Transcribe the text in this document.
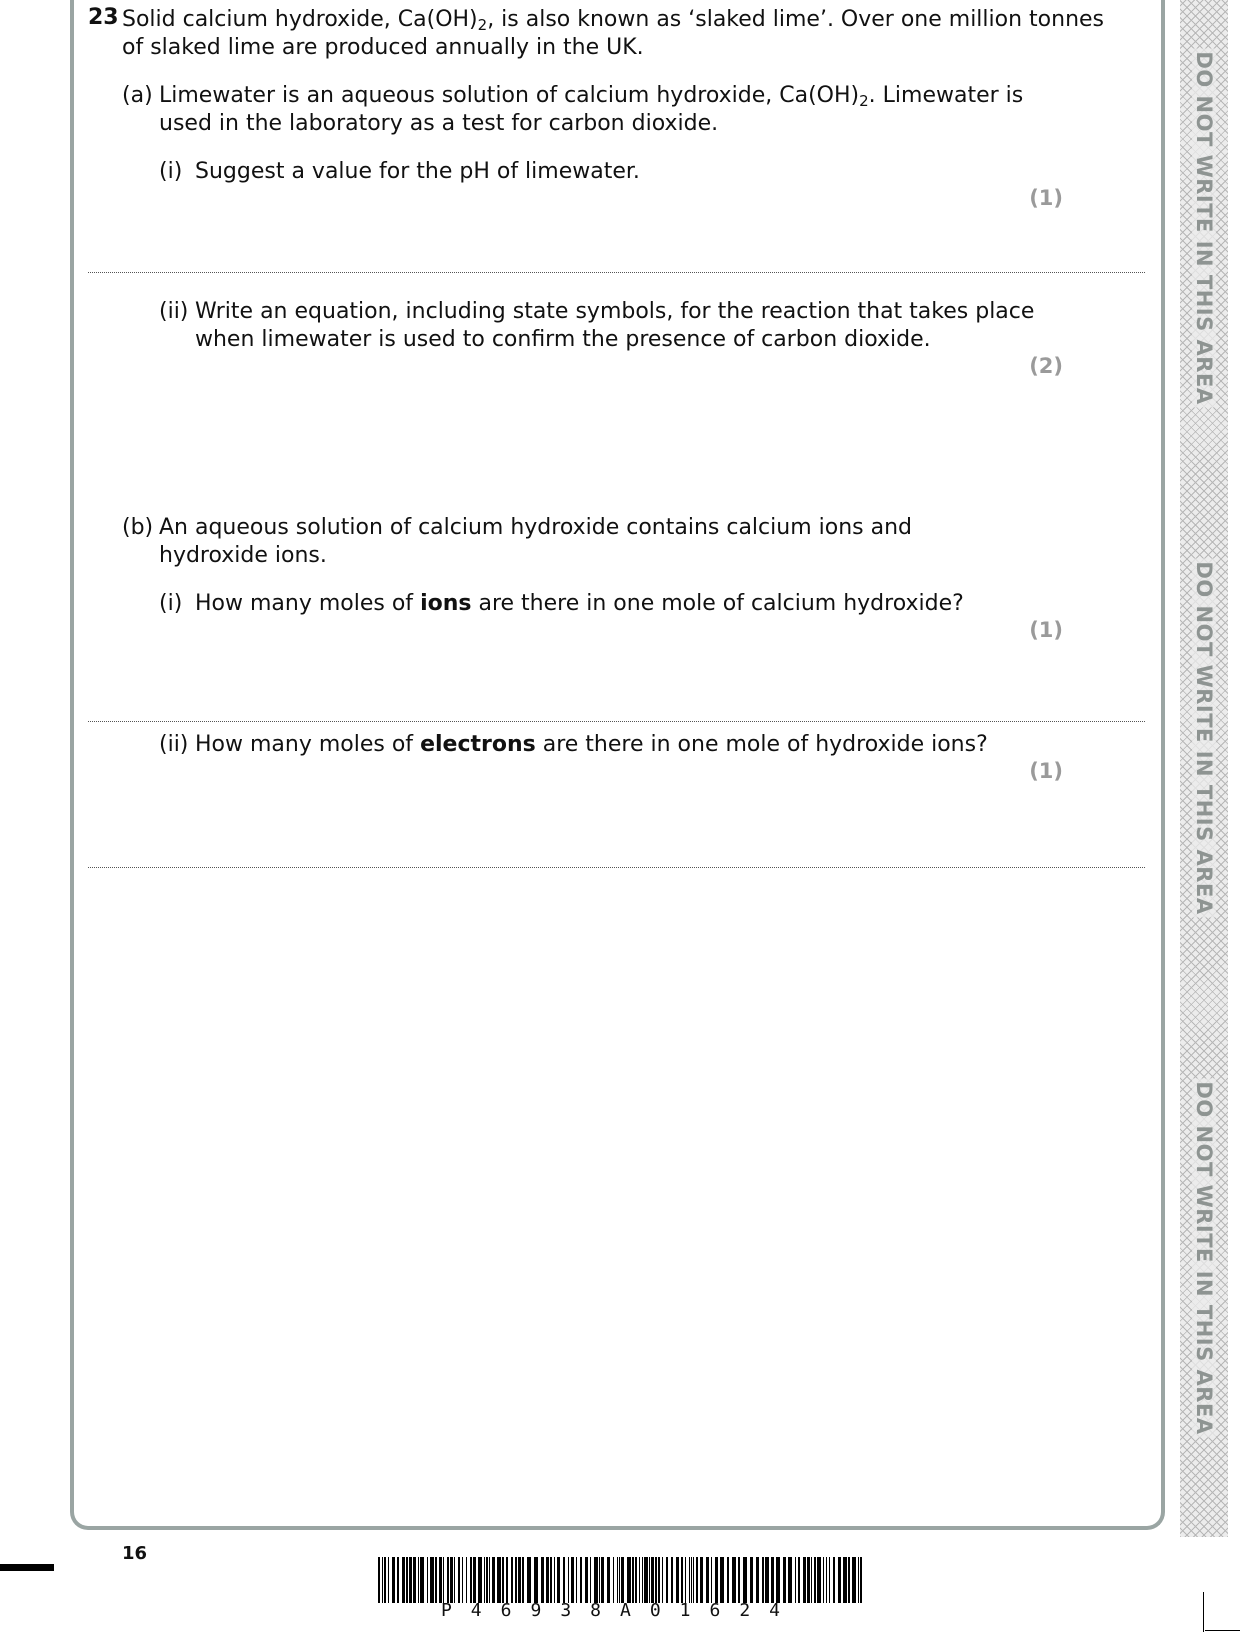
23 Solid calcium hydroxide, $Ca(OH)_2$, is also known as ‘slaked lime’. Over one million tonnes
of slaked lime are produced annually in the UK.
(a) Limewater is an aqueous solution of calcium hydroxide, $Ca(OH)_2$. Limewater is
used in the laboratory as a test for carbon dioxide.
(i) Suggest a value for the pH of limewater.
(1)
(ii) Write an equation, including state symbols, for the reaction that takes place
when limewater is used to confirm the presence of carbon dioxide.
(2)
(b) An aqueous solution of calcium hydroxide contains calcium ions and
hydroxide ions.
(i) How many moles of ions are there in one mole of calcium hydroxide?
(1)
(ii) How many moles of electrons are there in one mole of hydroxide ions?
(1)
DO NOT WRITE IN THIS AREA
DO NOT WRITE IN THIS AREA
DO NOT WRITE IN THIS AREA
16
P46938A01624
